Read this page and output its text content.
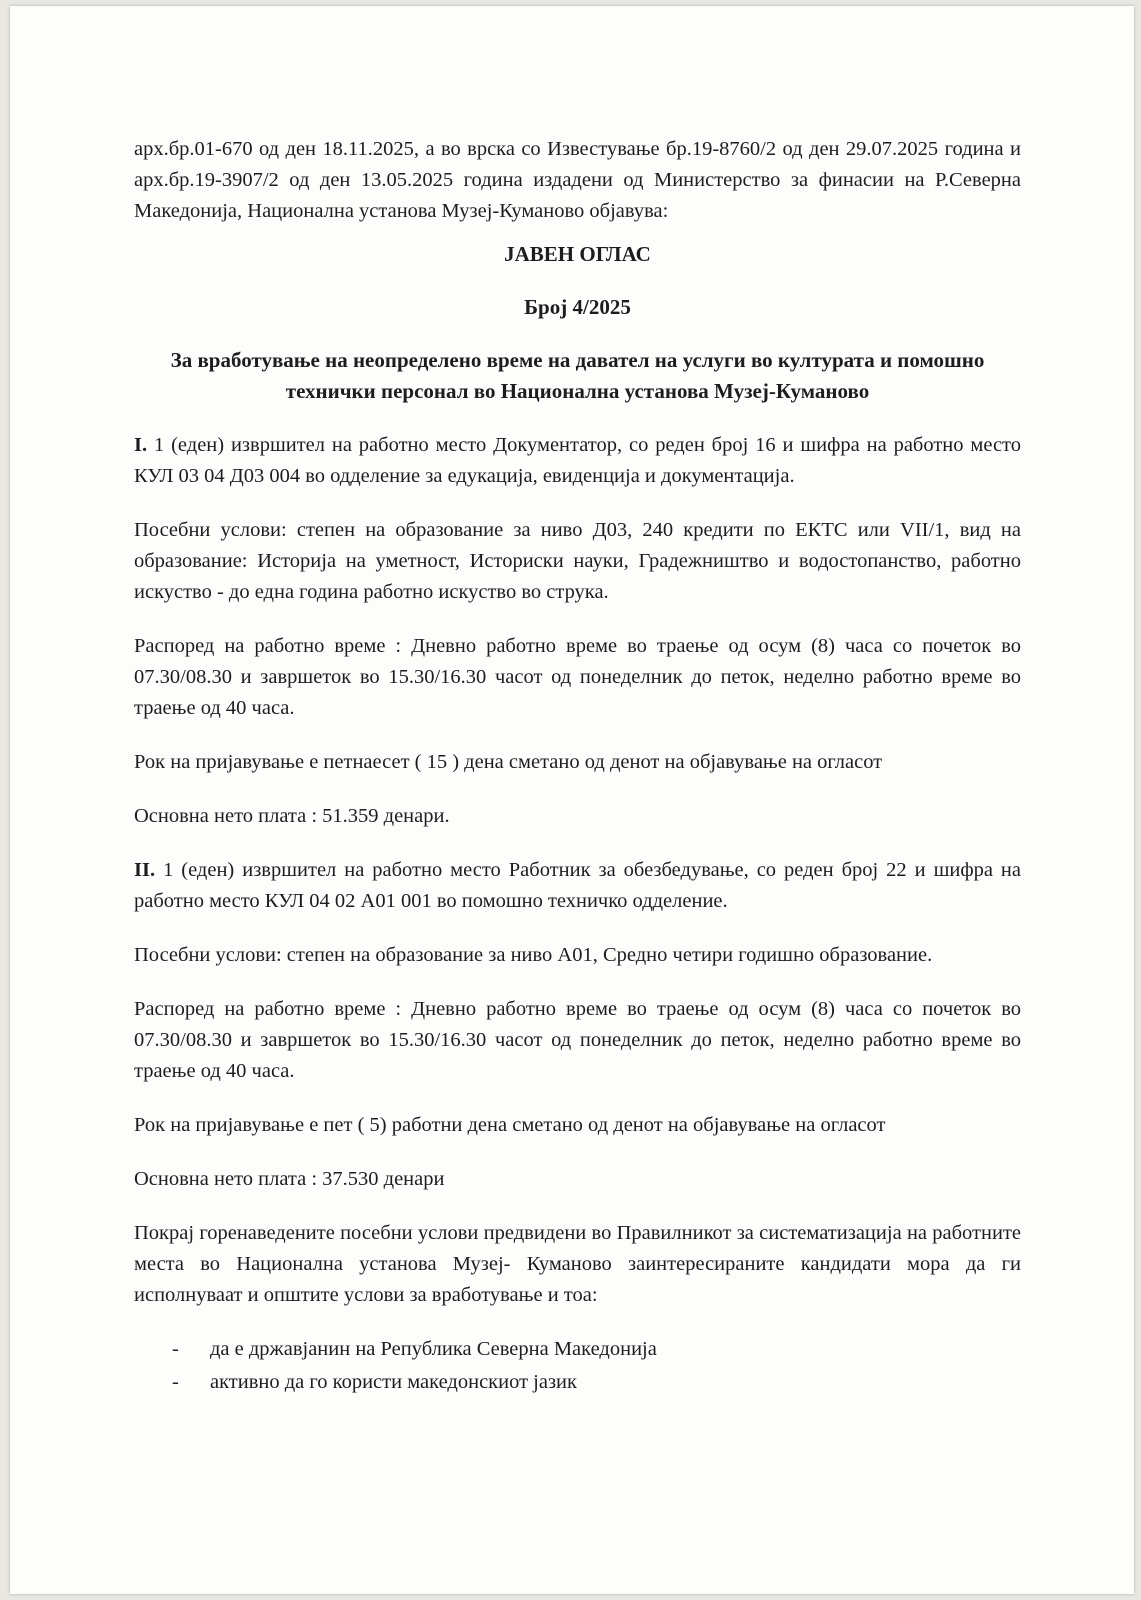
арх.бр.01-670 од ден 18.11.2025, а во врска со Известување бр.19-8760/2 од ден 29.07.2025 година и арх.бр.19-3907/2 од ден 13.05.2025 година издадени од Министерство за финасии на Р.Северна Македонија, Национална установа Музеј-Куманово објавува:

ЈАВЕН ОГЛАС

Број 4/2025

За вработување на неопределено време на давател на услуги во културата и помошно технички персонал во Национална установа Музеј-Куманово

I. 1 (еден) извршител на работно место Документатор, со реден број 16 и шифра на работно место КУЛ 03 04 Д03 004 во одделение за едукација, евиденција и документација.

Посебни услови: степен на образование за ниво Д03, 240 кредити по ЕКТС или VII/1, вид на образование: Историја на уметност, Историски науки, Градежништво и водостопанство, работно искуство - до една година работно искуство во струка.

Распоред на работно време : Дневно работно време во траење од осум (8) часа со почеток во 07.30/08.30 и завршеток во 15.30/16.30 часот од понеделник до петок, неделно работно време во траење од 40 часа.

Рок на пријавување е петнаесет ( 15 ) дена сметано од денот на објавување на огласот

Основна нето плата : 51.359 денари.

II. 1 (еден) извршител на работно место Работник за обезбедување, со реден број 22 и шифра на работно место КУЛ 04 02 А01 001 во помошно техничко одделение.

Посебни услови: степен на образование за ниво А01, Средно четири годишно образование.

Распоред на работно време : Дневно работно време во траење од осум (8) часа со почеток во 07.30/08.30 и завршеток во 15.30/16.30 часот од понеделник до петок, неделно работно време во траење од 40 часа.

Рок на пријавување е пет ( 5) работни дена сметано од денот на објавување на огласот

Основна нето плата : 37.530 денари

Покрај горенаведените посебни услови предвидени во Правилникот за систематизација на работните места во Национална установа Музеј- Куманово заинтересираните кандидати мора да ги исполнуваат и општите услови за вработување и тоа:

- да е државјанин на Република Северна Македонија
- активно да го користи македонскиот јазик
